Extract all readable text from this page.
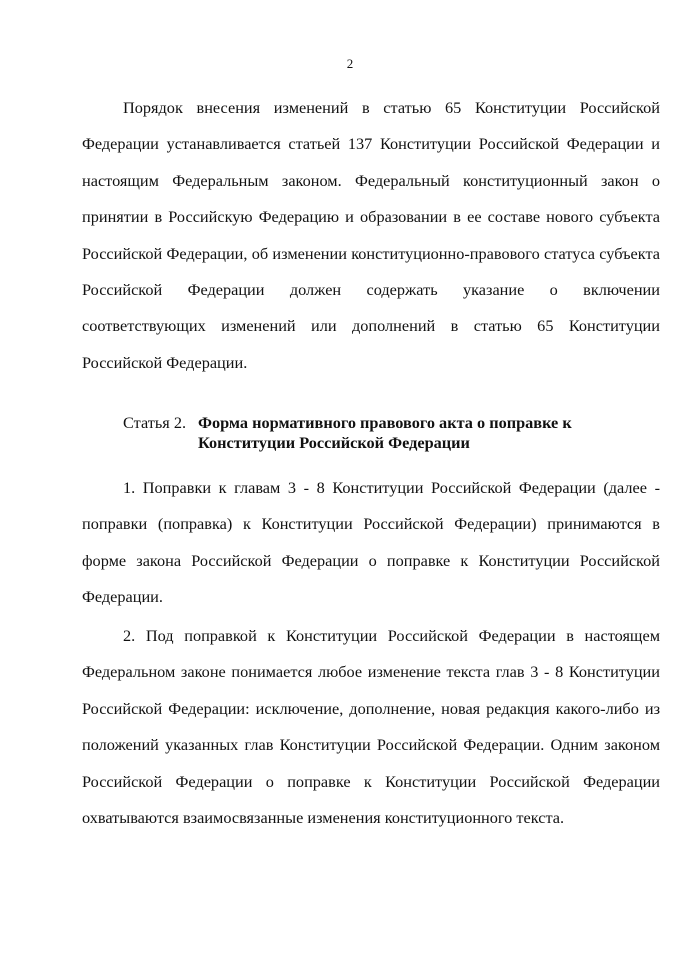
2

Порядок внесения изменений в статью 65 Конституции Российской Федерации устанавливается статьей 137 Конституции Российской Федерации и настоящим Федеральным законом. Федеральный конституционный закон о принятии в Российскую Федерацию и образовании в ее составе нового субъекта Российской Федерации, об изменении конституционно-правового статуса субъекта Российской Федерации должен содержать указание о включении соответствующих изменений или дополнений в статью 65 Конституции Российской Федерации.

Статья 2. Форма нормативного правового акта о поправке к
Конституции Российской Федерации

1. Поправки к главам 3 - 8 Конституции Российской Федерации (далее - поправки (поправка) к Конституции Российской Федерации) принимаются в форме закона Российской Федерации о поправке к Конституции Российской Федерации.

2. Под поправкой к Конституции Российской Федерации в настоящем Федеральном законе понимается любое изменение текста глав 3 - 8 Конституции Российской Федерации: исключение, дополнение, новая редакция какого-либо из положений указанных глав Конституции Российской Федерации. Одним законом Российской Федерации о поправке к Конституции Российской Федерации охватываются взаимосвязанные изменения конституционного текста.
